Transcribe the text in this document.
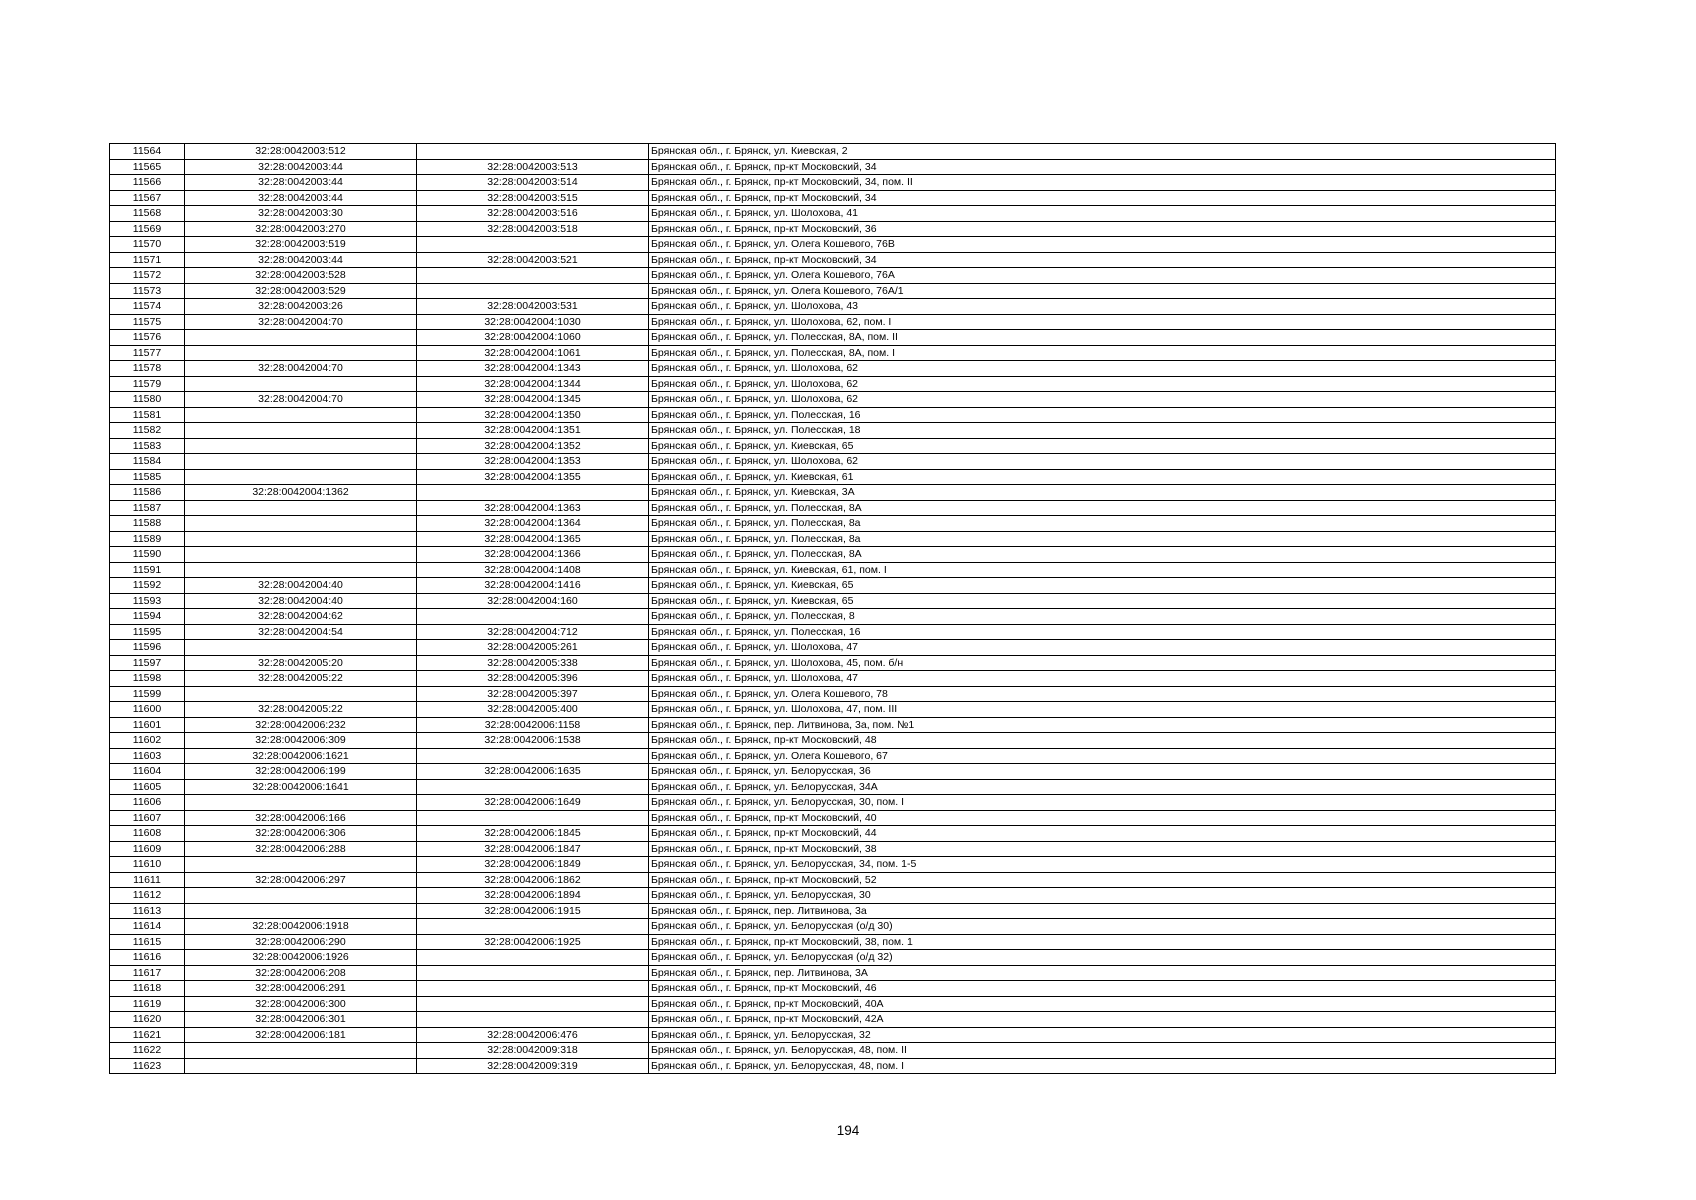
11564	32:28:0042003:512		Брянская обл., г. Брянск, ул. Киевская, 2
11565	32:28:0042003:44	32:28:0042003:513	Брянская обл., г. Брянск, пр-кт Московский, 34
11566	32:28:0042003:44	32:28:0042003:514	Брянская обл., г. Брянск, пр-кт Московский, 34, пом. II
11567	32:28:0042003:44	32:28:0042003:515	Брянская обл., г. Брянск, пр-кт Московский, 34
11568	32:28:0042003:30	32:28:0042003:516	Брянская обл., г. Брянск, ул. Шолохова, 41
11569	32:28:0042003:270	32:28:0042003:518	Брянская обл., г. Брянск, пр-кт Московский, 36
11570	32:28:0042003:519		Брянская обл., г. Брянск, ул. Олега Кошевого, 76В
11571	32:28:0042003:44	32:28:0042003:521	Брянская обл., г. Брянск, пр-кт Московский, 34
11572	32:28:0042003:528		Брянская обл., г. Брянск, ул. Олега Кошевого, 76А
11573	32:28:0042003:529		Брянская обл., г. Брянск, ул. Олега Кошевого, 76А/1
11574	32:28:0042003:26	32:28:0042003:531	Брянская обл., г. Брянск, ул. Шолохова, 43
11575	32:28:0042004:70	32:28:0042004:1030	Брянская обл., г. Брянск, ул. Шолохова, 62, пом. I
11576		32:28:0042004:1060	Брянская обл., г. Брянск, ул. Полесская, 8А, пом. II
11577		32:28:0042004:1061	Брянская обл., г. Брянск, ул. Полесская, 8А, пом. I
11578	32:28:0042004:70	32:28:0042004:1343	Брянская обл., г. Брянск, ул. Шолохова, 62
11579		32:28:0042004:1344	Брянская обл., г. Брянск, ул. Шолохова, 62
11580	32:28:0042004:70	32:28:0042004:1345	Брянская обл., г. Брянск, ул. Шолохова, 62
11581		32:28:0042004:1350	Брянская обл., г. Брянск, ул. Полесская, 16
11582		32:28:0042004:1351	Брянская обл., г. Брянск, ул. Полесская, 18
11583		32:28:0042004:1352	Брянская обл., г. Брянск, ул. Киевская, 65
11584		32:28:0042004:1353	Брянская обл., г. Брянск, ул. Шолохова, 62
11585		32:28:0042004:1355	Брянская обл., г. Брянск, ул. Киевская, 61
11586	32:28:0042004:1362		Брянская обл., г. Брянск, ул. Киевская, 3А
11587		32:28:0042004:1363	Брянская обл., г. Брянск, ул. Полесская, 8А
11588		32:28:0042004:1364	Брянская обл., г. Брянск, ул. Полесская, 8а
11589		32:28:0042004:1365	Брянская обл., г. Брянск, ул. Полесская, 8а
11590		32:28:0042004:1366	Брянская обл., г. Брянск, ул. Полесская, 8А
11591		32:28:0042004:1408	Брянская обл., г. Брянск, ул. Киевская, 61, пом. I
11592	32:28:0042004:40	32:28:0042004:1416	Брянская обл., г. Брянск, ул. Киевская, 65
11593	32:28:0042004:40	32:28:0042004:160	Брянская обл., г. Брянск, ул. Киевская, 65
11594	32:28:0042004:62		Брянская обл., г. Брянск, ул. Полесская, 8
11595	32:28:0042004:54	32:28:0042004:712	Брянская обл., г. Брянск, ул. Полесская, 16
11596		32:28:0042005:261	Брянская обл., г. Брянск, ул. Шолохова, 47
11597	32:28:0042005:20	32:28:0042005:338	Брянская обл., г. Брянск, ул. Шолохова, 45, пом. б/н
11598	32:28:0042005:22	32:28:0042005:396	Брянская обл., г. Брянск, ул. Шолохова, 47
11599		32:28:0042005:397	Брянская обл., г. Брянск, ул. Олега Кошевого, 78
11600	32:28:0042005:22	32:28:0042005:400	Брянская обл., г. Брянск, ул. Шолохова, 47, пом. III
11601	32:28:0042006:232	32:28:0042006:1158	Брянская обл., г. Брянск, пер. Литвинова, 3а, пом. №1
11602	32:28:0042006:309	32:28:0042006:1538	Брянская обл., г. Брянск, пр-кт Московский, 48
11603	32:28:0042006:1621		Брянская обл., г. Брянск, ул. Олега Кошевого, 67
11604	32:28:0042006:199	32:28:0042006:1635	Брянская обл., г. Брянск, ул. Белорусская, 36
11605	32:28:0042006:1641		Брянская обл., г. Брянск, ул. Белорусская, 34А
11606		32:28:0042006:1649	Брянская обл., г. Брянск, ул. Белорусская, 30, пом. I
11607	32:28:0042006:166		Брянская обл., г. Брянск, пр-кт Московский, 40
11608	32:28:0042006:306	32:28:0042006:1845	Брянская обл., г. Брянск, пр-кт Московский, 44
11609	32:28:0042006:288	32:28:0042006:1847	Брянская обл., г. Брянск, пр-кт Московский, 38
11610		32:28:0042006:1849	Брянская обл., г. Брянск, ул. Белорусская, 34, пом. 1-5
11611	32:28:0042006:297	32:28:0042006:1862	Брянская обл., г. Брянск, пр-кт Московский, 52
11612		32:28:0042006:1894	Брянская обл., г. Брянск, ул. Белорусская, 30
11613		32:28:0042006:1915	Брянская обл., г. Брянск, пер. Литвинова, 3а
11614	32:28:0042006:1918		Брянская обл., г. Брянск, ул. Белорусская (о/д 30)
11615	32:28:0042006:290	32:28:0042006:1925	Брянская обл., г. Брянск, пр-кт Московский, 38, пом. 1
11616	32:28:0042006:1926		Брянская обл., г. Брянск, ул. Белорусская (о/д 32)
11617	32:28:0042006:208		Брянская обл., г. Брянск, пер. Литвинова, 3А
11618	32:28:0042006:291		Брянская обл., г. Брянск, пр-кт Московский, 46
11619	32:28:0042006:300		Брянская обл., г. Брянск, пр-кт Московский, 40А
11620	32:28:0042006:301		Брянская обл., г. Брянск, пр-кт Московский, 42А
11621	32:28:0042006:181	32:28:0042006:476	Брянская обл., г. Брянск, ул. Белорусская, 32
11622		32:28:0042009:318	Брянская обл., г. Брянск, ул. Белорусская, 48, пом. II
11623		32:28:0042009:319	Брянская обл., г. Брянск, ул. Белорусская, 48, пом. I
194
